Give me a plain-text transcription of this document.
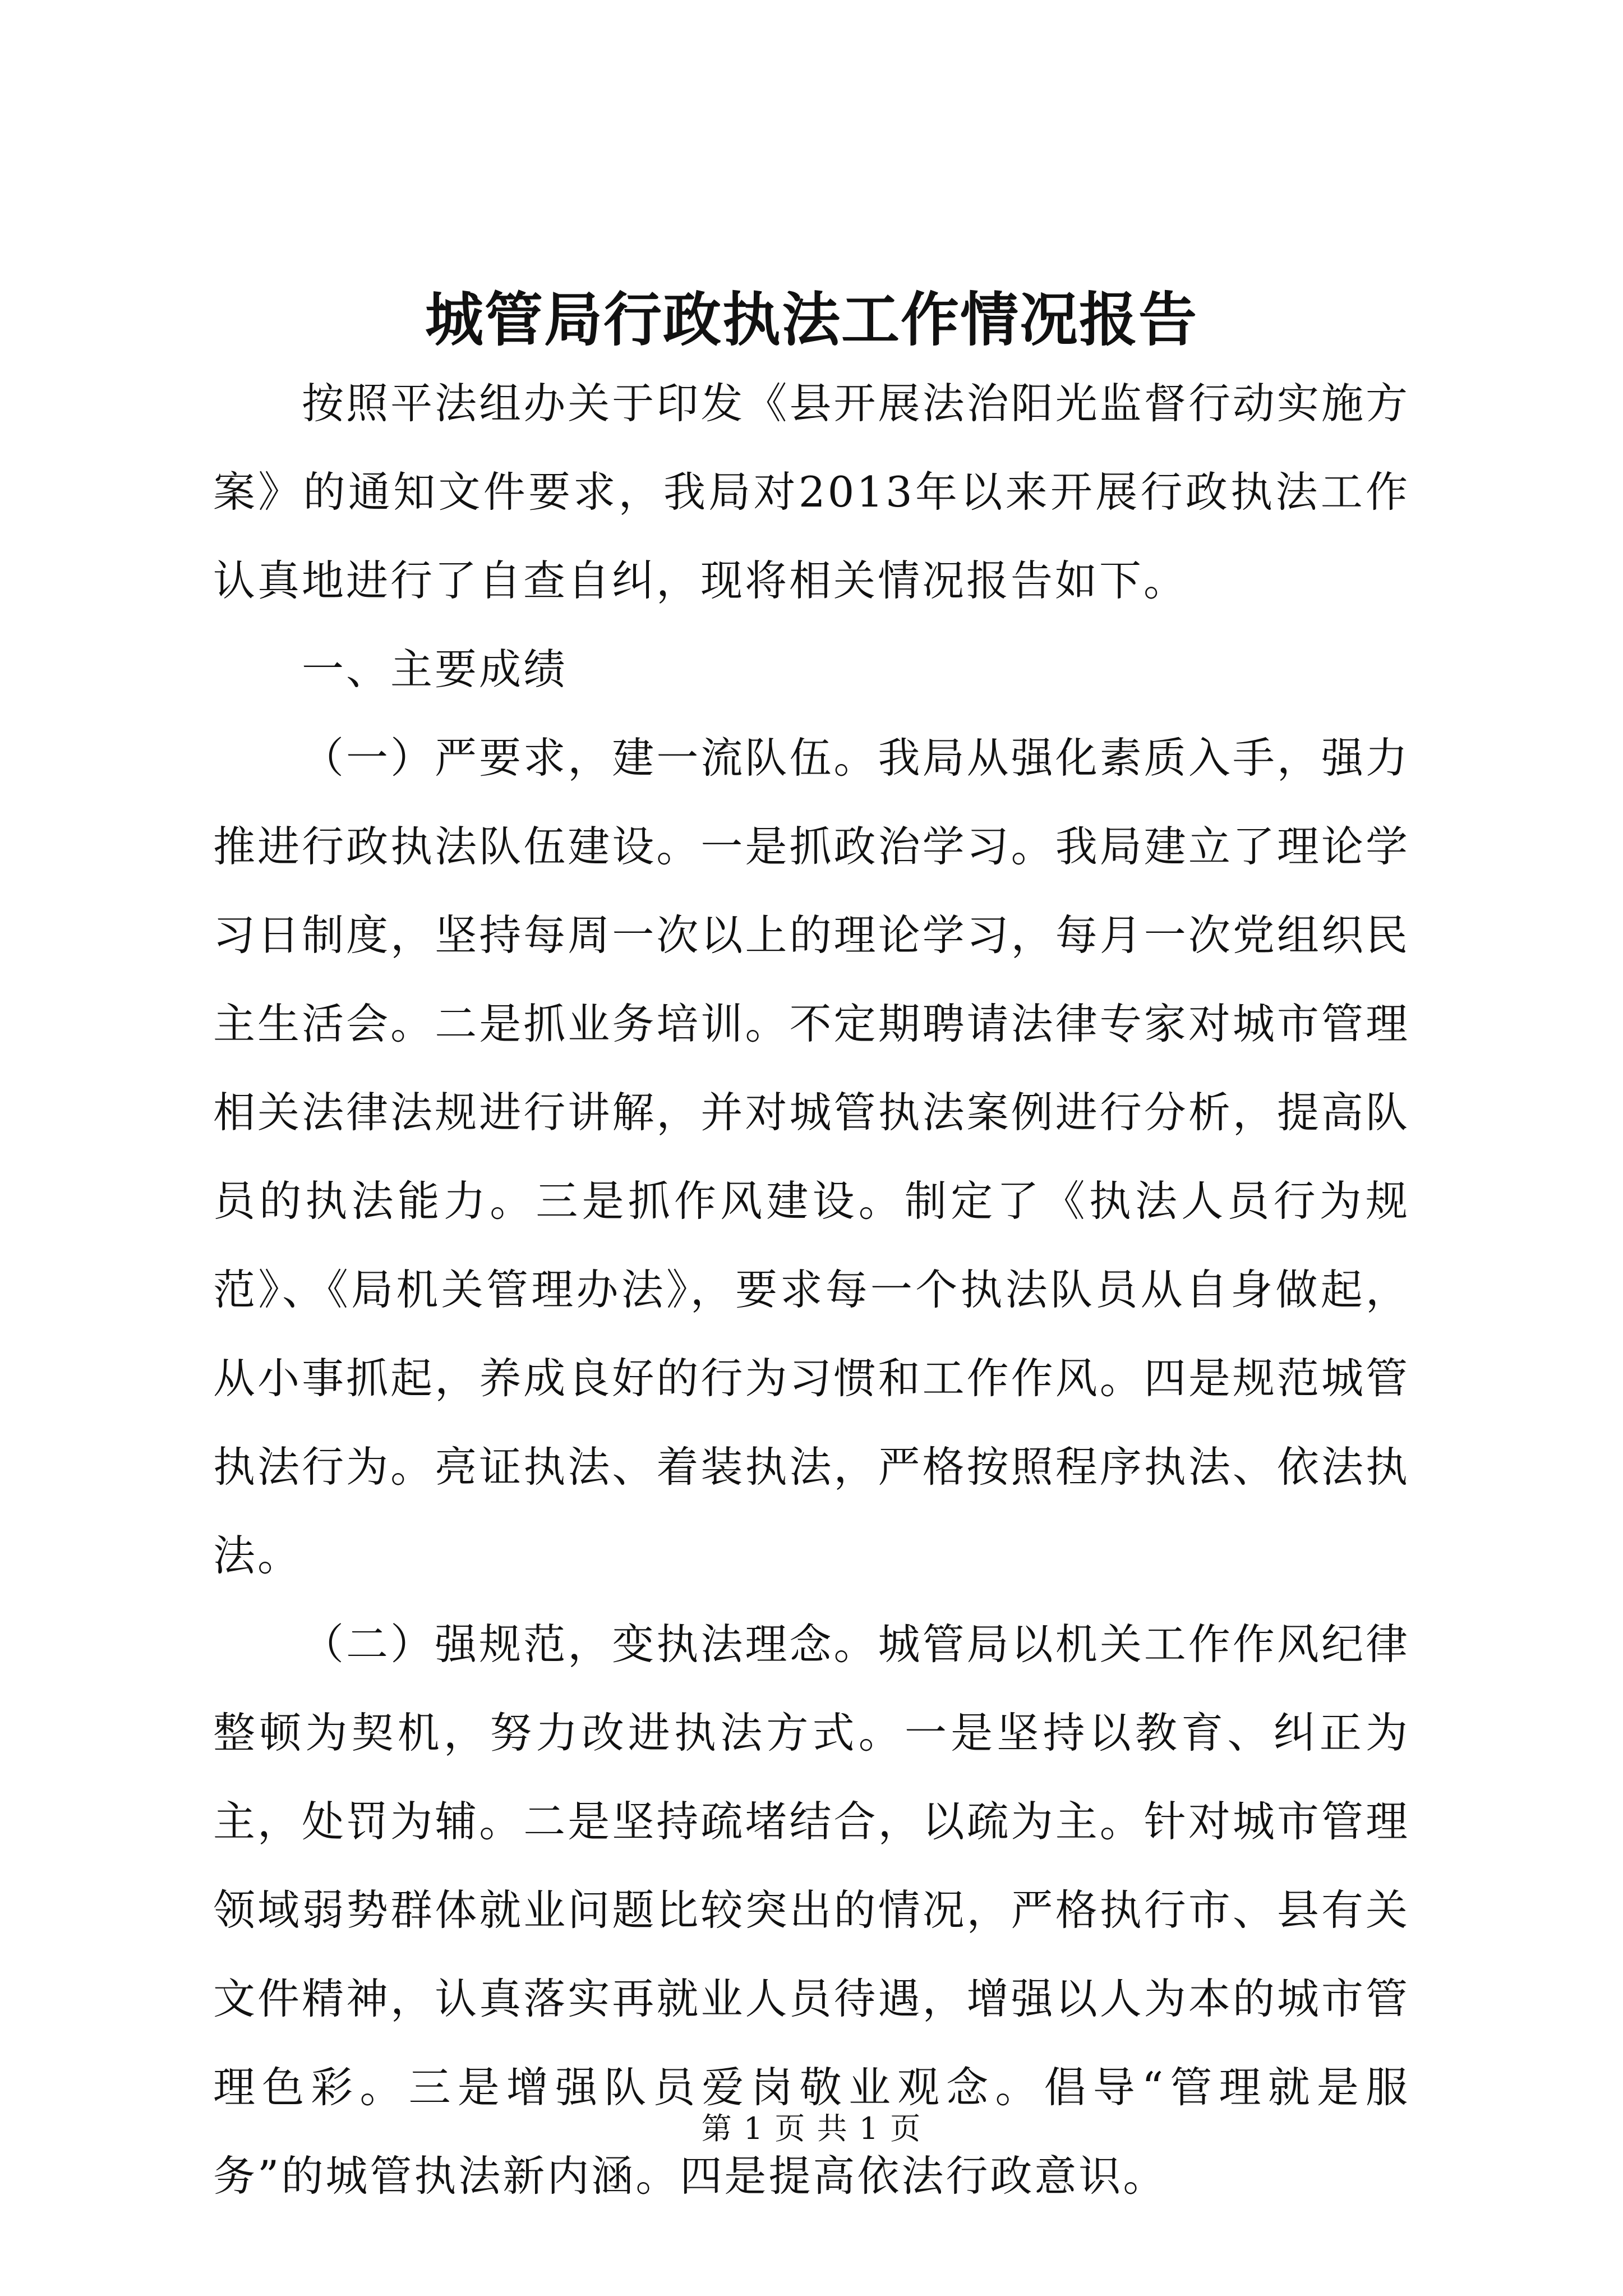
城管局行政执法工作情况报告

按照平法组办关于印发《县开展法治阳光监督行动实施方案》的通知文件要求，我局对2013年以来开展行政执法工作认真地进行了自查自纠，现将相关情况报告如下。

一、主要成绩

（一）严要求，建一流队伍。我局从强化素质入手，强力推进行政执法队伍建设。一是抓政治学习。我局建立了理论学习日制度，坚持每周一次以上的理论学习，每月一次党组织民主生活会。二是抓业务培训。不定期聘请法律专家对城市管理相关法律法规进行讲解，并对城管执法案例进行分析，提高队员的执法能力。三是抓作风建设。制定了《执法人员行为规范》、《局机关管理办法》，要求每一个执法队员从自身做起，从小事抓起，养成良好的行为习惯和工作作风。四是规范城管执法行为。亮证执法、着装执法，严格按照程序执法、依法执法。

（二）强规范，变执法理念。城管局以机关工作作风纪律整顿为契机，努力改进执法方式。一是坚持以教育、纠正为主，处罚为辅。二是坚持疏堵结合，以疏为主。针对城市管理领域弱势群体就业问题比较突出的情况，严格执行市、县有关文件精神，认真落实再就业人员待遇，增强以人为本的城市管理色彩。三是增强队员爱岗敬业观念。倡导“管理就是服务”的城管执法新内涵。四是提高依法行政意识。

第 1 页 共 1 页
